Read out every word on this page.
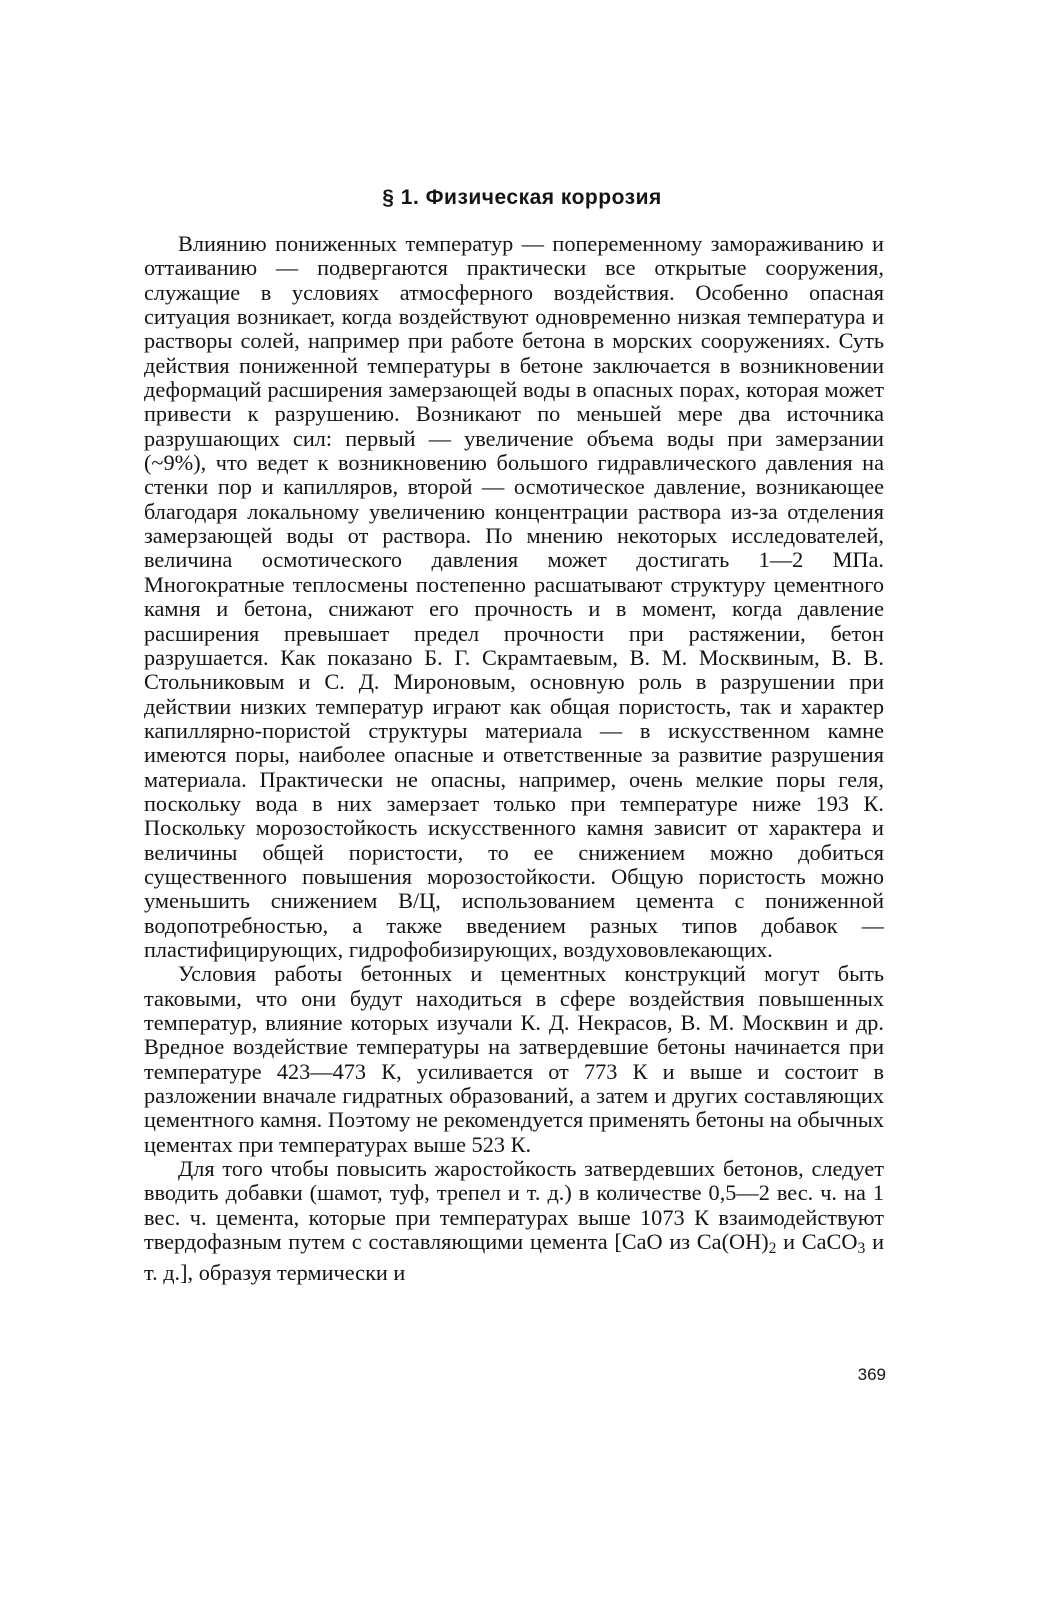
§ 1. Физическая коррозия

Влиянию пониженных температур — попеременному замораживанию и оттаиванию — подвергаются практически все открытые сооружения, служащие в условиях атмосферного воздействия. Особенно опасная ситуация возникает, когда воздействуют одновременно низкая температура и растворы солей, например при работе бетона в морских сооружениях. Суть действия пониженной температуры в бетоне заключается в возникновении деформаций расширения замерзающей воды в опасных порах, которая может привести к разрушению. Возникают по меньшей мере два источника разрушающих сил: первый — увеличение объема воды при замерзании (~9%), что ведет к возникновению большого гидравлического давления на стенки пор и капилляров, второй — осмотическое давление, возникающее благодаря локальному увеличению концентрации раствора из-за отделения замерзающей воды от раствора. По мнению некоторых исследователей, величина осмотического давления может достигать 1—2 МПа. Многократные теплосмены постепенно расшатывают структуру цементного камня и бетона, снижают его прочность и в момент, когда давление расширения превышает предел прочности при растяжении, бетон разрушается. Как показано Б. Г. Скрамтаевым, В. М. Москвиным, В. В. Стольниковым и С. Д. Мироновым, основную роль в разрушении при действии низких температур играют как общая пористость, так и характер капиллярно-пористой структуры материала — в искусственном камне имеются поры, наиболее опасные и ответственные за развитие разрушения материала. Практически не опасны, например, очень мелкие поры геля, поскольку вода в них замерзает только при температуре ниже 193 К. Поскольку морозостойкость искусственного камня зависит от характера и величины общей пористости, то ее снижением можно добиться существенного повышения морозостойкости. Общую пористость можно уменьшить снижением В/Ц, использованием цемента с пониженной водопотребностью, а также введением разных типов добавок — пластифицирующих, гидрофобизирующих, воздухововлекающих.

Условия работы бетонных и цементных конструкций могут быть таковыми, что они будут находиться в сфере воздействия повышенных температур, влияние которых изучали К. Д. Некрасов, В. М. Москвин и др. Вредное воздействие температуры на затвердевшие бетоны начинается при температуре 423—473 К, усиливается от 773 К и выше и состоит в разложении вначале гидратных образований, а затем и других составляющих цементного камня. Поэтому не рекомендуется применять бетоны на обычных цементах при температурах выше 523 К.

Для того чтобы повысить жаростойкость затвердевших бетонов, следует вводить добавки (шамот, туф, трепел и т. д.) в количестве 0,5—2 вес. ч. на 1 вес. ч. цемента, которые при температурах выше 1073 К взаимодействуют твердофазным путем с составляющими цемента [CaO из $Ca(OH)_2$ и CaCO$_3$ и т. д.], образуя термически и

369
